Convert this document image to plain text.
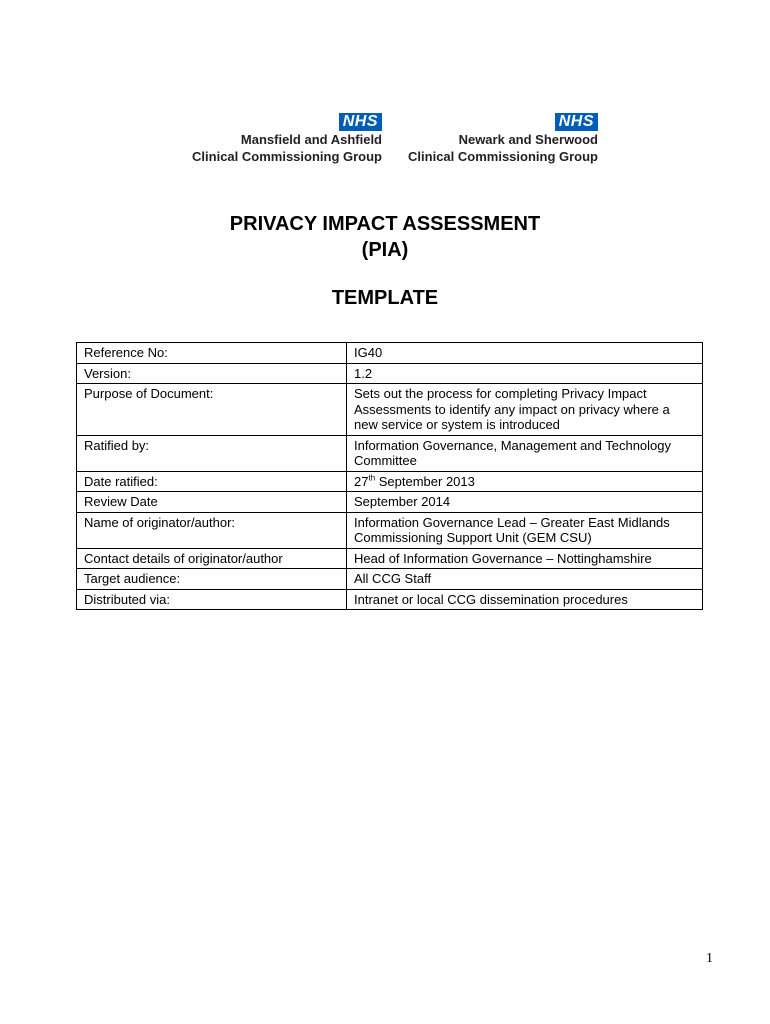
NHS
Mansfield and Ashfield
Clinical Commissioning Group
NHS
Newark and Sherwood
Clinical Commissioning Group
PRIVACY IMPACT ASSESSMENT
(PIA)
TEMPLATE
Reference No:	IG40
Version:	1.2
Purpose of Document:	Sets out the process for completing Privacy Impact Assessments to identify any impact on privacy where a new service or system is introduced
Ratified by:	Information Governance, Management and Technology Committee
Date ratified:	27th September 2013
Review Date	September 2014
Name of originator/author:	Information Governance Lead – Greater East Midlands Commissioning Support Unit (GEM CSU)
Contact details of originator/author	Head of Information Governance – Nottinghamshire
Target audience:	All CCG Staff
Distributed via:	Intranet or local CCG dissemination procedures
1
